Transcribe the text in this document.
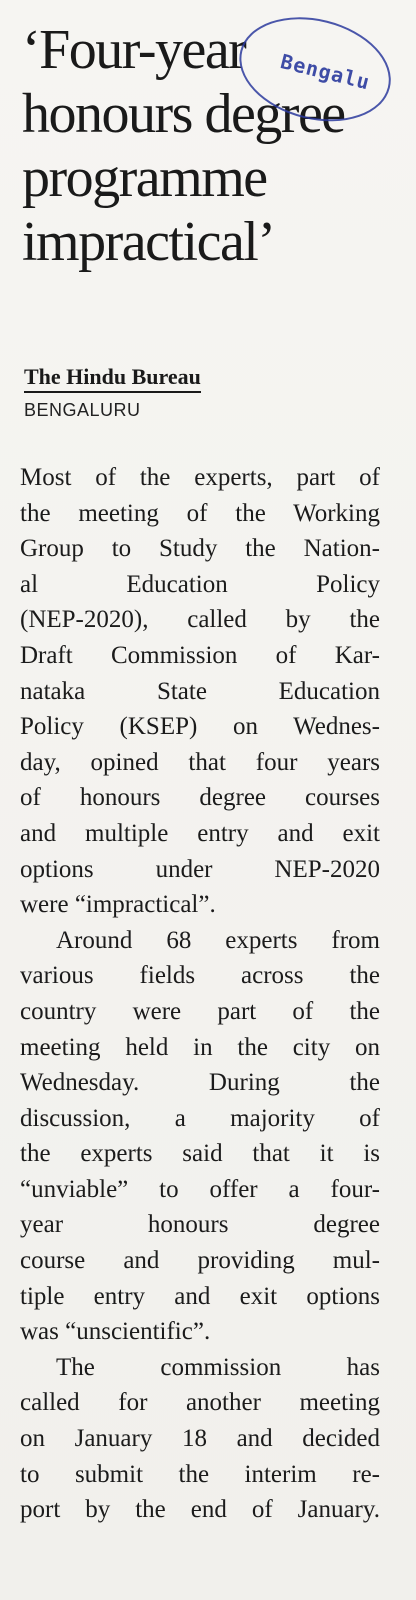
‘Four-year
honours degree
programme
impractical’
Bengalu
The Hindu Bureau
BENGALURU

Most of the experts, part of
the meeting of the Working
Group to Study the Nation-
al Education Policy
(NEP-2020), called by the
Draft Commission of Kar-
nataka State Education
Policy (KSEP) on Wednes-
day, opined that four years
of honours degree courses
and multiple entry and exit
options under NEP-2020
were “impractical”.

Around 68 experts from
various fields across the
country were part of the
meeting held in the city on
Wednesday. During the
discussion, a majority of
the experts said that it is
“unviable” to offer a four-
year honours degree
course and providing mul-
tiple entry and exit options
was “unscientific”.

The commission has
called for another meeting
on January 18 and decided
to submit the interim re-
port by the end of January.
